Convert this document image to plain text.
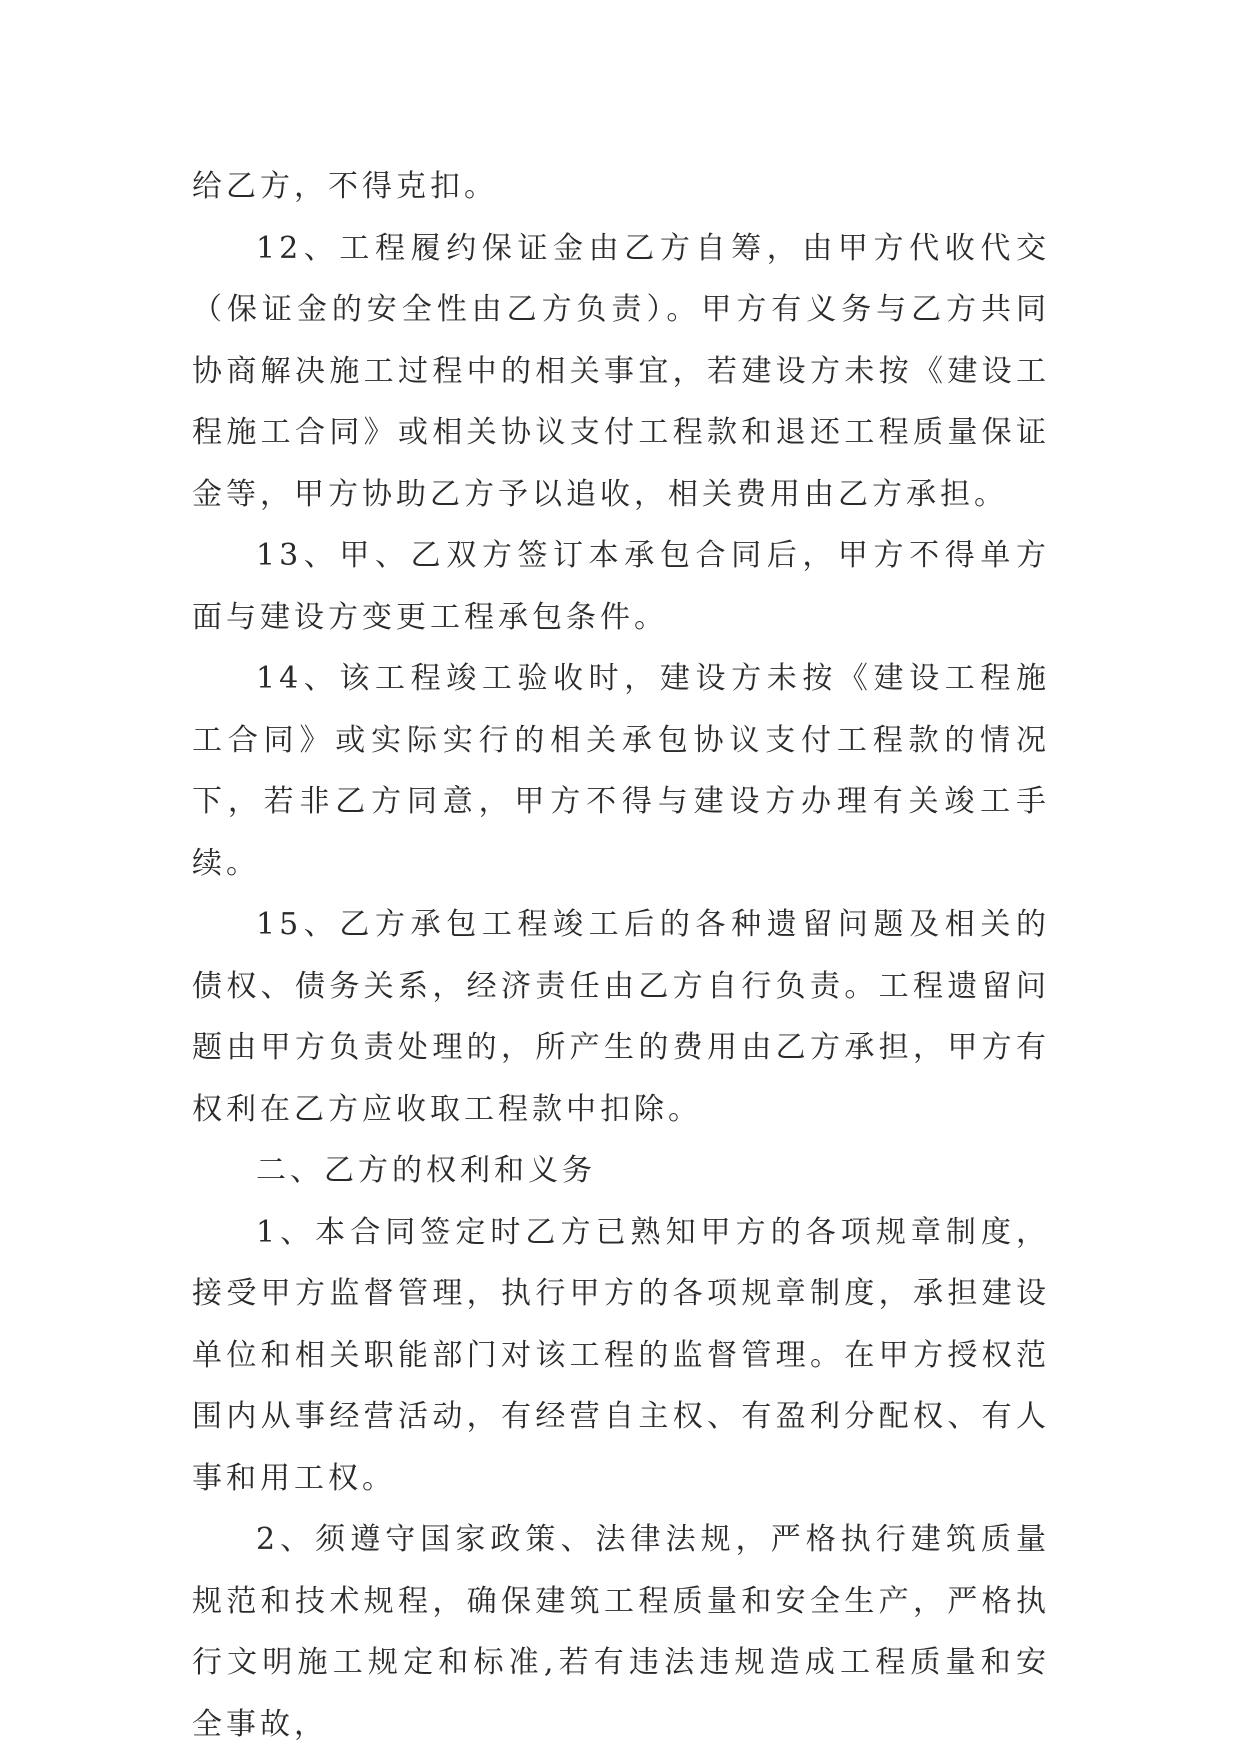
给乙方，不得克扣。

12、工程履约保证金由乙方自筹，由甲方代收代交（保证金的安全性由乙方负责）。甲方有义务与乙方共同协商解决施工过程中的相关事宜，若建设方未按《建设工程施工合同》或相关协议支付工程款和退还工程质量保证金等，甲方协助乙方予以追收，相关费用由乙方承担。

13、甲、乙双方签订本承包合同后，甲方不得单方面与建设方变更工程承包条件。

14、该工程竣工验收时，建设方未按《建设工程施工合同》或实际实行的相关承包协议支付工程款的情况下，若非乙方同意，甲方不得与建设方办理有关竣工手续。

15、乙方承包工程竣工后的各种遗留问题及相关的债权、债务关系，经济责任由乙方自行负责。工程遗留问题由甲方负责处理的，所产生的费用由乙方承担，甲方有权利在乙方应收取工程款中扣除。

二、乙方的权利和义务

1、本合同签定时乙方已熟知甲方的各项规章制度，接受甲方监督管理，执行甲方的各项规章制度，承担建设单位和相关职能部门对该工程的监督管理。在甲方授权范围内从事经营活动，有经营自主权、有盈利分配权、有人事和用工权。

2、须遵守国家政策、法律法规，严格执行建筑质量规范和技术规程，确保建筑工程质量和安全生产，严格执行文明施工规定和标准,若有违法违规造成工程质量和安全事故，
